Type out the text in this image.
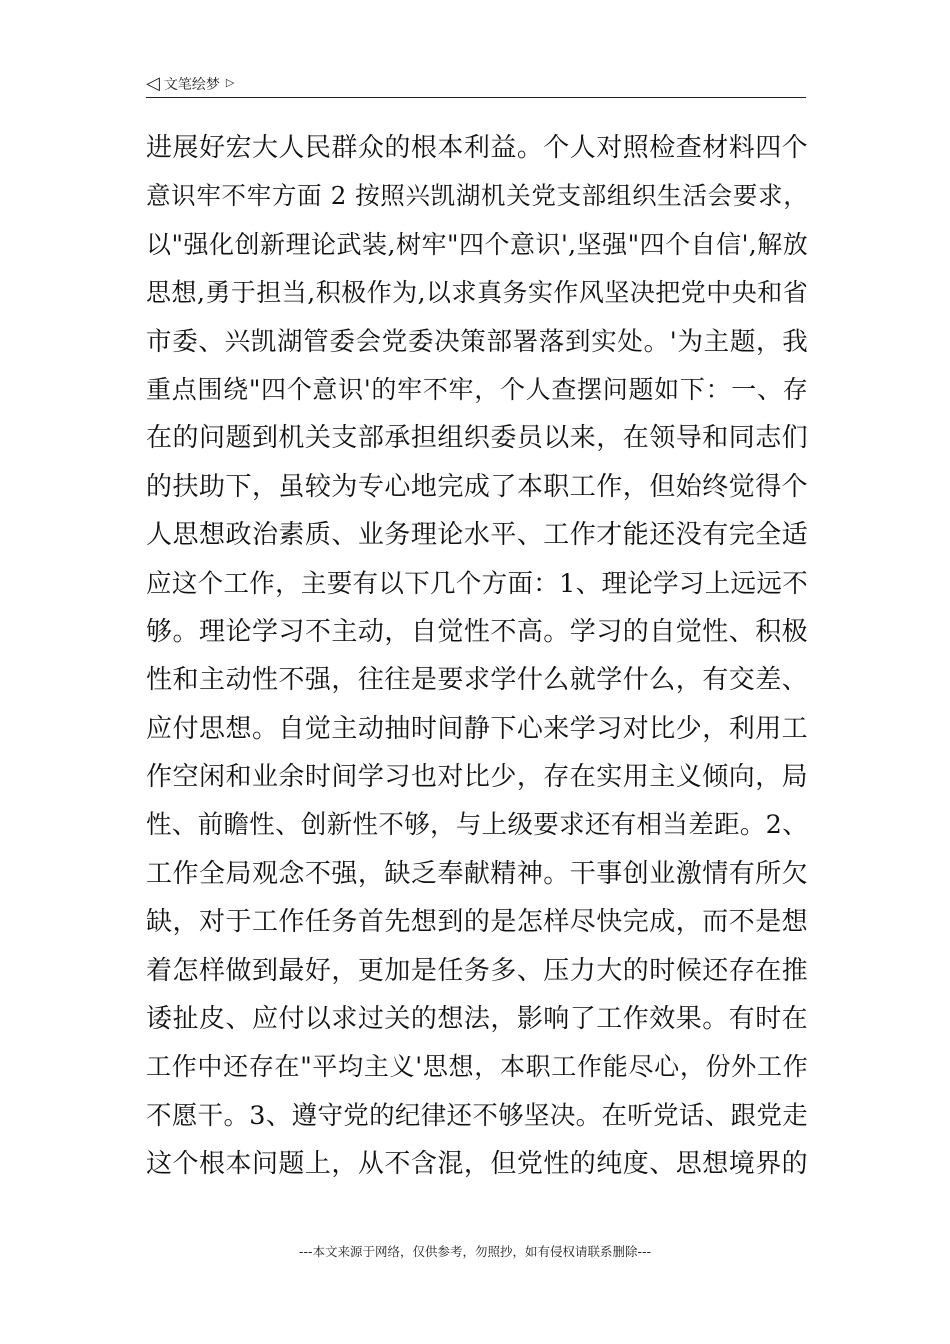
◁ 文笔绘梦 ▷
进展好宏大人民群众的根本利益。个人对照检查材料四个
意识牢不牢方面 2 按照兴凯湖机关党支部组织生活会要求，
以"强化创新理论武装,树牢"四个意识',坚强"四个自信',解放
思想,勇于担当,积极作为,以求真务实作风坚决把党中央和省
市委、兴凯湖管委会党委决策部署落到实处。'为主题，我
重点围绕"四个意识'的牢不牢，个人查摆问题如下：一、存
在的问题到机关支部承担组织委员以来，在领导和同志们
的扶助下，虽较为专心地完成了本职工作，但始终觉得个
人思想政治素质、业务理论水平、工作才能还没有完全适
应这个工作，主要有以下几个方面：1、理论学习上远远不
够。理论学习不主动，自觉性不高。学习的自觉性、积极
性和主动性不强，往往是要求学什么就学什么，有交差、
应付思想。自觉主动抽时间静下心来学习对比少，利用工
作空闲和业余时间学习也对比少，存在实用主义倾向，局
性、前瞻性、创新性不够，与上级要求还有相当差距。2、
工作全局观念不强，缺乏奉献精神。干事创业激情有所欠
缺，对于工作任务首先想到的是怎样尽快完成，而不是想
着怎样做到最好，更加是任务多、压力大的时候还存在推
诿扯皮、应付以求过关的想法，影响了工作效果。有时在
工作中还存在"平均主义'思想，本职工作能尽心，份外工作
不愿干。3、遵守党的纪律还不够坚决。在听党话、跟党走
这个根本问题上，从不含混，但党性的纯度、思想境界的
---本文来源于网络，仅供参考，勿照抄，如有侵权请联系删除---
